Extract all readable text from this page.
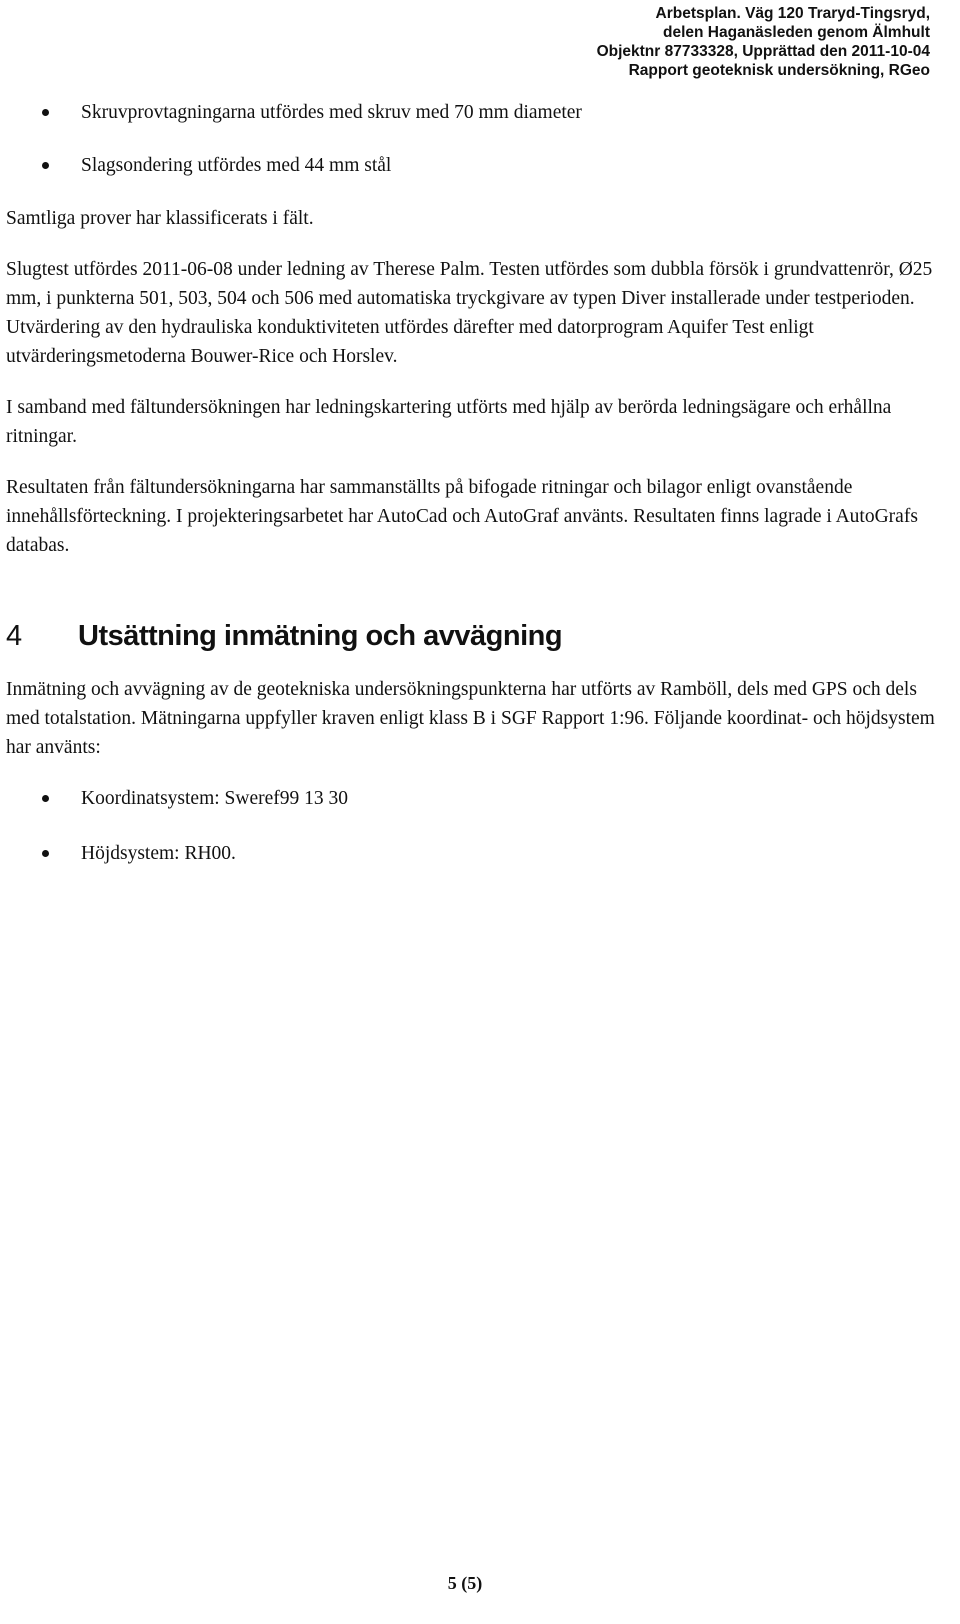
Arbetsplan. Väg 120 Traryd-Tingsryd,
delen Haganäsleden genom Älmhult
Objektnr 87733328, Upprättad den 2011-10-04
Rapport geoteknisk undersökning, RGeo
Skruvprovtagningarna utfördes med skruv med 70 mm diameter
Slagsondering utfördes med 44 mm stål

Samtliga prover har klassificerats i fält.

Slugtest utfördes 2011-06-08 under ledning av Therese Palm. Testen utfördes som dubbla försök i grundvattenrör, Ø25 mm, i punkterna 501, 503, 504 och 506 med automatiska tryckgivare av typen Diver installerade under testperioden. Utvärdering av den hydrauliska konduktiviteten utfördes därefter med datorprogram Aquifer Test enligt utvärderingsmetoderna Bouwer-Rice och Horslev.

I samband med fältundersökningen har ledningskartering utförts med hjälp av berörda ledningsägare och erhållna ritningar.

Resultaten från fältundersökningarna har sammanställts på bifogade ritningar och bilagor enligt ovanstående innehållsförteckning. I projekteringsarbetet har AutoCad och AutoGraf använts. Resultaten finns lagrade i AutoGrafs databas.

4	Utsättning inmätning och avvägning

Inmätning och avvägning av de geotekniska undersökningspunkterna har utförts av Ramböll, dels med GPS och dels med totalstation. Mätningarna uppfyller kraven enligt klass B i SGF Rapport 1:96. Följande koordinat- och höjdsystem har använts:

Koordinatsystem: Sweref99 13 30
Höjdsystem: RH00.
5 (5)
